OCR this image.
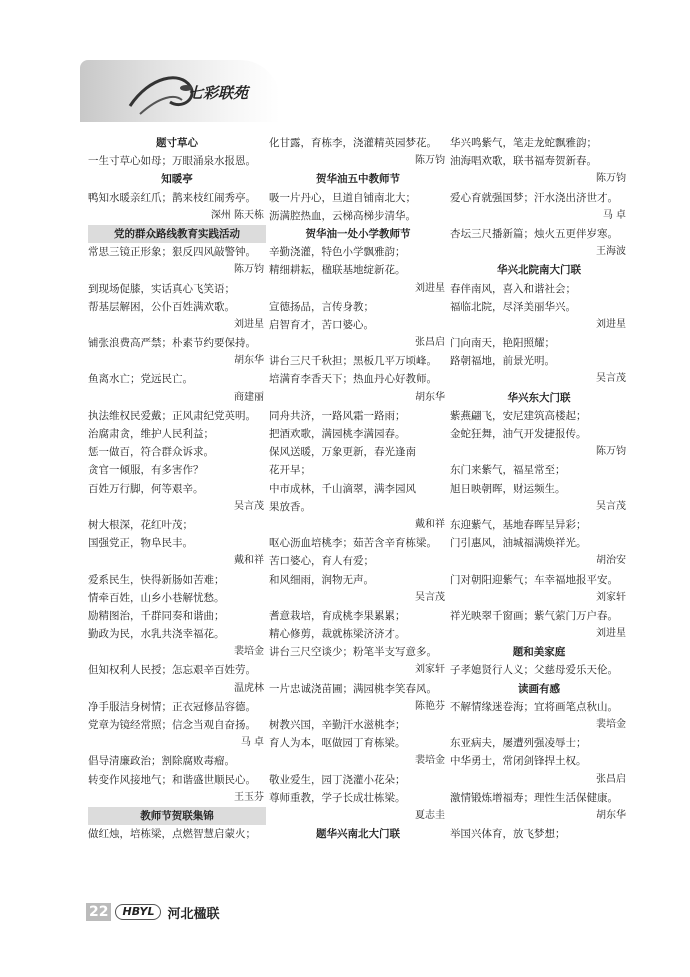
七彩联苑
题寸草心
一生寸草心如母；万眼涌泉水报恩。
知暖亭
鸭知水暖亲红爪；鹊来枝红闹秀亭。
深州 陈天栋
党的群众路线教育实践活动
常思三镜正形象；狠反四风敲警钟。
陈万钧
到现场促膝，实话真心飞笑语；
帮基层解困，公仆百姓满欢歌。
刘进星
铺张浪费高严禁；朴素节约要保持。
胡东华
鱼离水亡；党远民亡。
商建丽
执法维权民爱戴；正风肃纪党英明。
治腐肃贪，维护人民利益；
惩一做百，符合群众诉求。
贪官一倾服，有多害作？
百姓万行脚，何等艰辛。
吴言茂
树大根深，花红叶茂；
国强党正，物阜民丰。
戴和祥
爱系民生，快得新肠如苦难；
情牵百姓，山乡小巷解忧愁。
励精图治，千群同奏和谐曲；
勤政为民，水乳共浇幸福花。
裴培金
但知权利人民授；怎忘艰辛百姓劳。
温虎林
净手服洁身树情；正衣冠修品容德。
党章为镜经常照；信念当观自奋扬。
马 卓
倡导清廉政治；割除腐败毒瘤。
转变作风接地气；和谐盛世顺民心。
王玉芬
教师节贺联集锦
做红烛，培栋梁，点燃智慧启蒙火；
化甘露，育栋李，浇灌精英园梦花。
陈万钧
贺华油五中教师节
吸一片丹心，旦道自铺南北大；
沥满腔热血，云梯高梯步清华。
贺华油一处小学教师节
辛勤浇灌，特色小学飘雅韵；
精细耕耘，楹联基地绽新花。
刘进星
宣德扬品，言传身教；
启智育才，苦口婆心。
张昌启
讲台三尺千秋担；黑板几平万顷峰。
培满育李香天下；热血丹心好教师。
胡东华
同舟共济，一路风霜一路雨；
把酒欢歌，满园桃李满园春。
保风送暖，万象更新，春光逢南
花开早；
中市成林，千山滴翠，满李园风
果放香。
戴和祥
呕心沥血培桃李；茹苦含辛育栋梁。
苦口婆心，育人有爱；
和风细雨，润物无声。
吴言茂
耆意栽培，育成桃李果累累；
精心修剪，裁就栋梁济济才。
讲台三尺空谈少；粉笔半支写意多。
刘家轩
一片忠诚浇苗圃；满园桃李笑春风。
陈艳芬
树教兴国，辛勤汗水滋桃李；
育人为本，呕做园丁育栋梁。
裴培金
敬业爱生，园丁浇灌小花朵；
尊师重教，学子长成壮栋梁。
夏志圭
题华兴南北大门联
华兴鸣紫气，笔走龙蛇飘雅韵；
油海唱欢歌，联书福寿贺新春。
陈万钧
爱心育就强国梦；汗水浇出济世才。
马 卓
杏坛三尺播新篇；烛火五更伴岁寒。
王海波
华兴北院南大门联
春伴南风，喜入和谐社会；
福临北院，尽泽美丽华兴。
刘进星
门向南天，艳阳照耀；
路朝福地，前景光明。
吴言茂
华兴东大门联
紫燕翩飞，安尼建筑高楼起；
金蛇狂舞，油气开发捷报传。
陈万钧
东门来紫气，福星常至；
旭日映朝晖，财运频生。
吴言茂
东迎紫气，基地春晖呈异彩；
门引惠风，油城福满焕祥光。
胡治安
门对朝阳迎紫气；车幸福地报平安。
刘家轩
祥光映翠千窗画；紫气萦门万户春。
刘进星
题和美家庭
子孝媳贤行人义；父慈母爱乐天伦。
读画有感
不解情缘迷卷海；宜将画笔点秋山。
裴培金
东亚病夫，屡遭列强凌辱士；
中华勇士，常闭剑锋捍土权。
张昌启
激情锻炼增福寿；理性生活保健康。
胡东华
举国兴体育，放飞梦想；
22	HBYL	河北楹联
